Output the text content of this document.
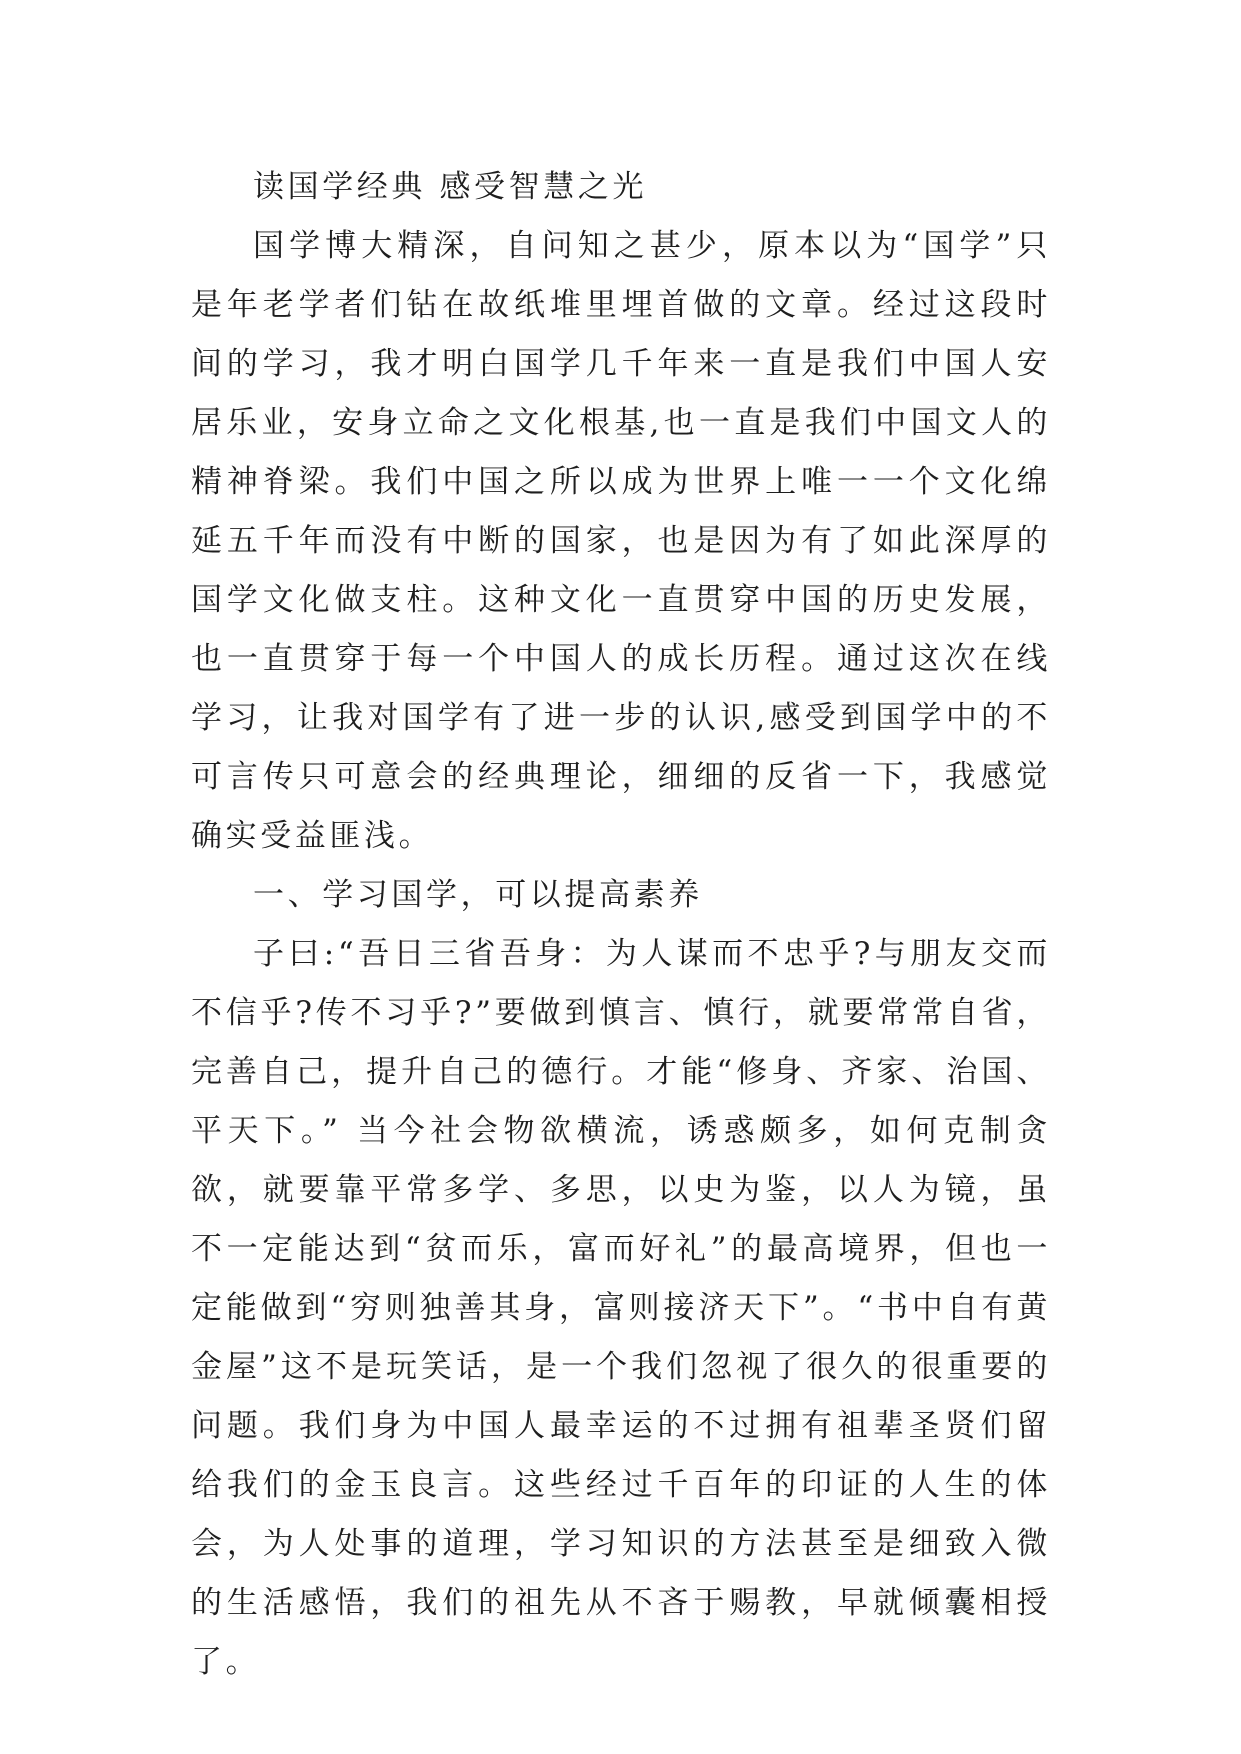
读国学经典 感受智慧之光

国学博大精深，自问知之甚少，原本以为“国学”只是年老学者们钻在故纸堆里埋首做的文章。经过这段时间的学习，我才明白国学几千年来一直是我们中国人安居乐业，安身立命之文化根基,也一直是我们中国文人的精神脊梁。我们中国之所以成为世界上唯一一个文化绵延五千年而没有中断的国家，也是因为有了如此深厚的国学文化做支柱。这种文化一直贯穿中国的历史发展，也一直贯穿于每一个中国人的成长历程。通过这次在线学习，让我对国学有了进一步的认识,感受到国学中的不可言传只可意会的经典理论，细细的反省一下，我感觉确实受益匪浅。

一、学习国学，可以提高素养

子曰:“吾日三省吾身：为人谋而不忠乎?与朋友交而不信乎?传不习乎?”要做到慎言、慎行，就要常常自省，完善自己，提升自己的德行。才能“修身、齐家、治国、平天下。” 当今社会物欲横流，诱惑颇多，如何克制贪欲，就要靠平常多学、多思，以史为鉴，以人为镜，虽不一定能达到“贫而乐，富而好礼”的最高境界，但也一定能做到“穷则独善其身，富则接济天下”。“书中自有黄金屋”这不是玩笑话，是一个我们忽视了很久的很重要的问题。我们身为中国人最幸运的不过拥有祖辈圣贤们留给我们的金玉良言。这些经过千百年的印证的人生的体会，为人处事的道理，学习知识的方法甚至是细致入微的生活感悟，我们的祖先从不吝于赐教，早就倾囊相授了。
